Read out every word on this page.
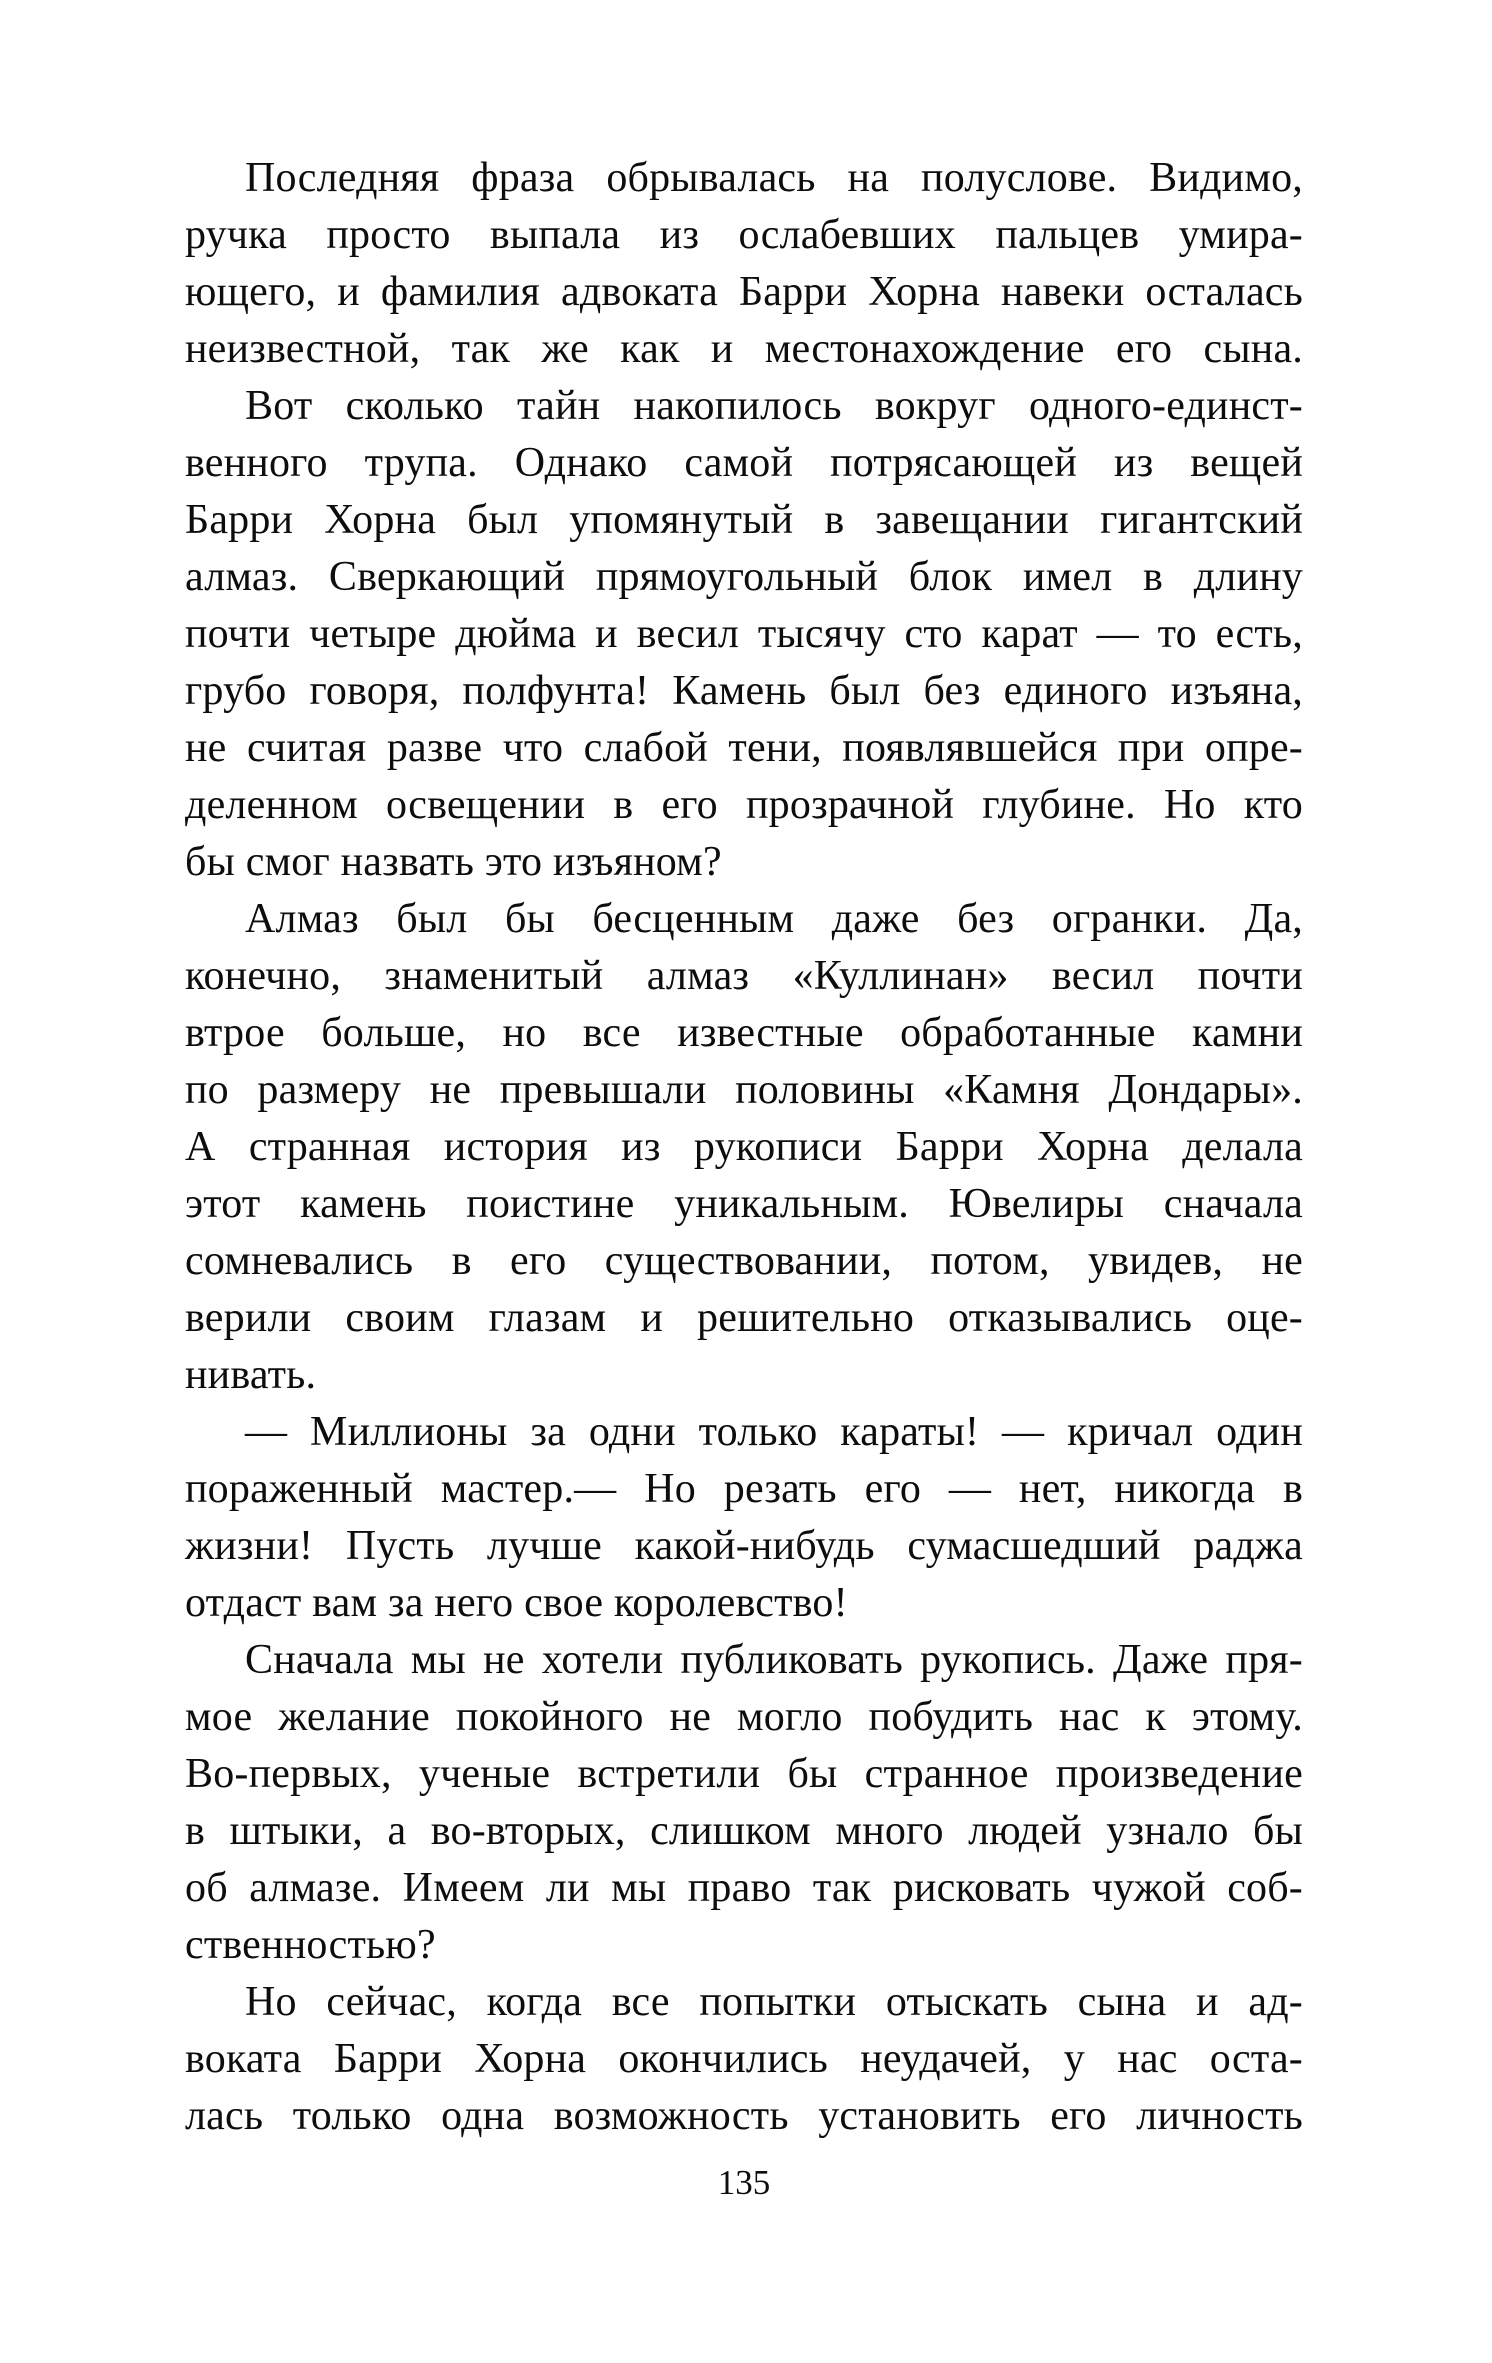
Последняя фраза обрывалась на полуслове. Видимо,
ручка просто выпала из ослабевших пальцев умира-
ющего, и фамилия адвоката Барри Хорна навеки осталась
неизвестной, так же как и местонахождение его сына.

Вот сколько тайн накопилось вокруг одного-единст-
венного трупа. Однако самой потрясающей из вещей
Барри Хорна был упомянутый в завещании гигантский
алмаз. Сверкающий прямоугольный блок имел в длину
почти четыре дюйма и весил тысячу сто карат — то есть,
грубо говоря, полфунта! Камень был без единого изъяна,
не считая разве что слабой тени, появлявшейся при опре-
деленном освещении в его прозрачной глубине. Но кто
бы смог назвать это изъяном?

Алмаз был бы бесценным даже без огранки. Да,
конечно, знаменитый алмаз «Куллинан» весил почти
втрое больше, но все известные обработанные камни
по размеру не превышали половины «Камня Дондары».
А странная история из рукописи Барри Хорна делала
этот камень поистине уникальным. Ювелиры сначала
сомневались в его существовании, потом, увидев, не
верили своим глазам и решительно отказывались оце-
нивать.

— Миллионы за одни только караты! — кричал один
пораженный мастер.— Но резать его — нет, никогда в
жизни! Пусть лучше какой-нибудь сумасшедший раджа
отдаст вам за него свое королевство!

Сначала мы не хотели публиковать рукопись. Даже пря-
мое желание покойного не могло побудить нас к этому.
Во-первых, ученые встретили бы странное произведение
в штыки, а во-вторых, слишком много людей узнало бы
об алмазе. Имеем ли мы право так рисковать чужой соб-
ственностью?

Но сейчас, когда все попытки отыскать сына и ад-
воката Барри Хорна окончились неудачей, у нас оста-
лась только одна возможность установить его личность

135
